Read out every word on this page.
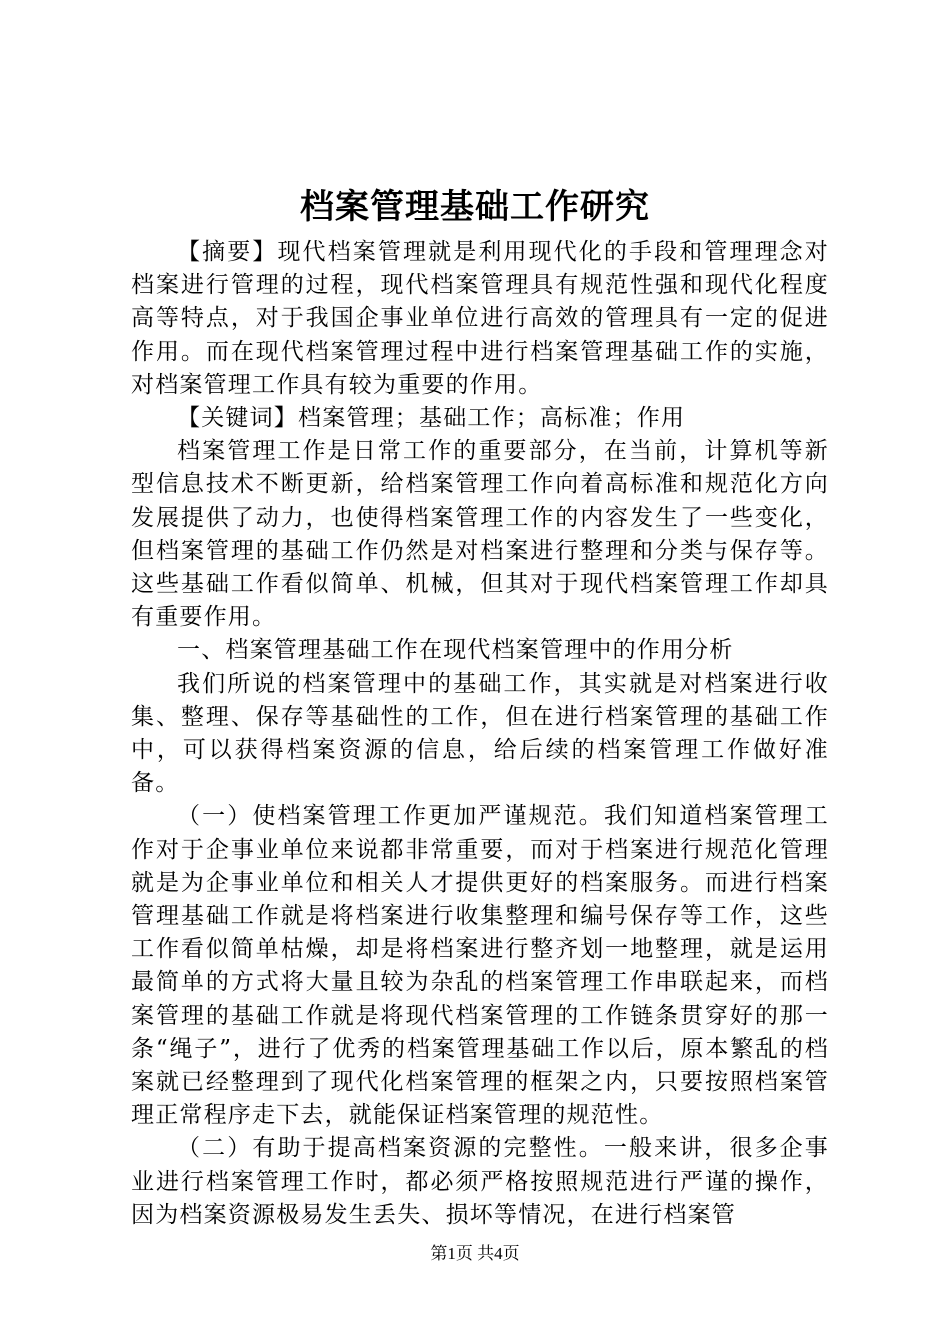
档案管理基础工作研究

【摘要】现代档案管理就是利用现代化的手段和管理理念对档案进行管理的过程，现代档案管理具有规范性强和现代化程度高等特点，对于我国企事业单位进行高效的管理具有一定的促进作用。而在现代档案管理过程中进行档案管理基础工作的实施，对档案管理工作具有较为重要的作用。

【关键词】档案管理；基础工作；高标准；作用

档案管理工作是日常工作的重要部分，在当前，计算机等新型信息技术不断更新，给档案管理工作向着高标准和规范化方向发展提供了动力，也使得档案管理工作的内容发生了一些变化，但档案管理的基础工作仍然是对档案进行整理和分类与保存等。这些基础工作看似简单、机械，但其对于现代档案管理工作却具有重要作用。

一、档案管理基础工作在现代档案管理中的作用分析

我们所说的档案管理中的基础工作，其实就是对档案进行收集、整理、保存等基础性的工作，但在进行档案管理的基础工作中，可以获得档案资源的信息，给后续的档案管理工作做好准备。

（一）使档案管理工作更加严谨规范。我们知道档案管理工作对于企事业单位来说都非常重要，而对于档案进行规范化管理就是为企事业单位和相关人才提供更好的档案服务。而进行档案管理基础工作就是将档案进行收集整理和编号保存等工作，这些工作看似简单枯燥，却是将档案进行整齐划一地整理，就是运用最简单的方式将大量且较为杂乱的档案管理工作串联起来，而档案管理的基础工作就是将现代档案管理的工作链条贯穿好的那一条“绳子”，进行了优秀的档案管理基础工作以后，原本繁乱的档案就已经整理到了现代化档案管理的框架之内，只要按照档案管理正常程序走下去，就能保证档案管理的规范性。

（二）有助于提高档案资源的完整性。一般来讲，很多企事业进行档案管理工作时，都必须严格按照规范进行严谨的操作，因为档案资源极易发生丢失、损坏等情况，在进行档案管

第1页 共4页
